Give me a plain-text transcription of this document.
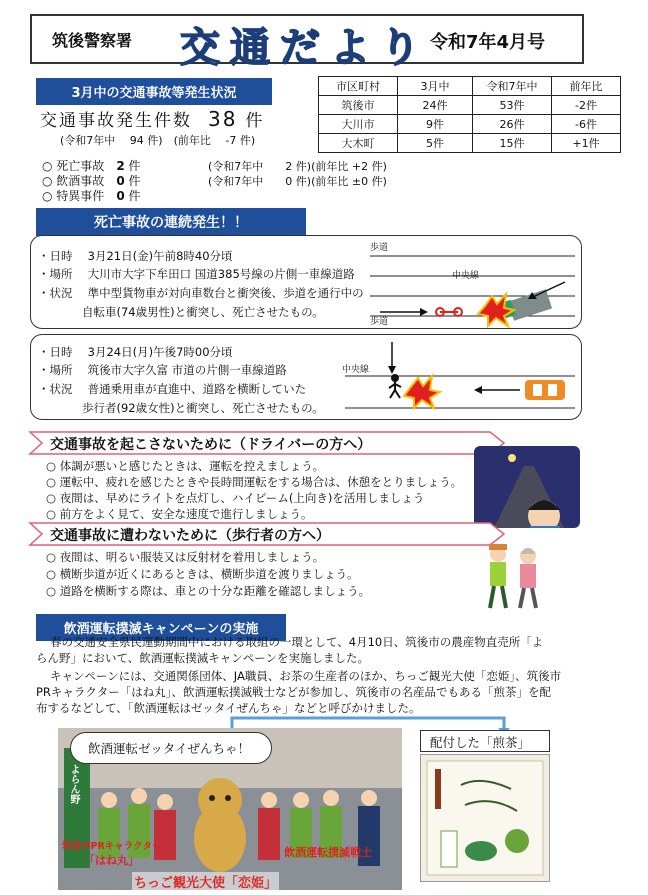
筑後警察署 交通だより 令和7年4月号
3月中の交通事故等発生状況
交通事故発生件数 38 件
(令和7年中　 94 件)　(前年比　 -7 件)
○ 死亡事故　 2 件	(令和7年中　　2 件)(前年比 +2 件)
○ 飲酒事故　 0 件	(令和7年中　　0 件)(前年比 ±0 件)
○ 特異事件　 0 件
市区町村	3月中	令和7年中	前年比
筑後市	24件	53件	-2件
大川市	9件	26件	-6件
大木町	5件	15件	+1件
死亡事故の連続発生！！
・日時　 3月21日(金)午前8時40分頃
・場所　 大川市大字下牟田口 国道385号線の片側一車線道路
・状況　 準中型貨物車が対向車数台と衝突後、歩道を通行中の
自転車(74歳男性)と衝突し、死亡させたもの。
歩道
中央線
歩道
・日時　 3月24日(月)午後7時00分頃
・場所　 筑後市大字久富 市道の片側一車線道路
・状況　 普通乗用車が直進中、道路を横断していた
歩行者(92歳女性)と衝突し、死亡させたもの。
中央線
交通事故を起こさないために（ドライバーの方へ）
○ 体調が悪いと感じたときは、運転を控えましょう。
○ 運転中、疲れを感じたときや長時間運転をする場合は、休憩をとりましょう。
○ 夜間は、早めにライトを点灯し、ハイビーム(上向き)を活用しましょう
○ 前方をよく見て、安全な速度で進行しましょう。
交通事故に遭わないために（歩行者の方へ）
○ 夜間は、明るい服装又は反射材を着用しましょう。
○ 横断歩道が近くにあるときは、横断歩道を渡りましょう。
○ 道路を横断する際は、車との十分な距離を確認しましょう。
飲酒運転撲滅キャンペーンの実施
春の交通安全県民運動期間中における取組の一環として、4月10日、筑後市の農産物直売所「よ
らん野」において、飲酒運転撲滅キャンペーンを実施しました。
キャンペーンには、交通関係団体、JA職員、お茶の生産者のほか、ちっご観光大使「恋姫」、筑後市
PRキャラクター「はね丸」、飲酒運転撲滅戦士などが参加し、筑後市の名産品でもある「煎茶」を配
布するなどして、「飲酒運転はゼッタイぜんちゃ」などと呼びかけました。
飲酒運転ゼッタイぜんちゃ！
筑後市PRキャラクター
「はね丸」
飲酒運転撲滅戦士
ちっご観光大使「恋姫」
よらん野
配付した「煎茶」
